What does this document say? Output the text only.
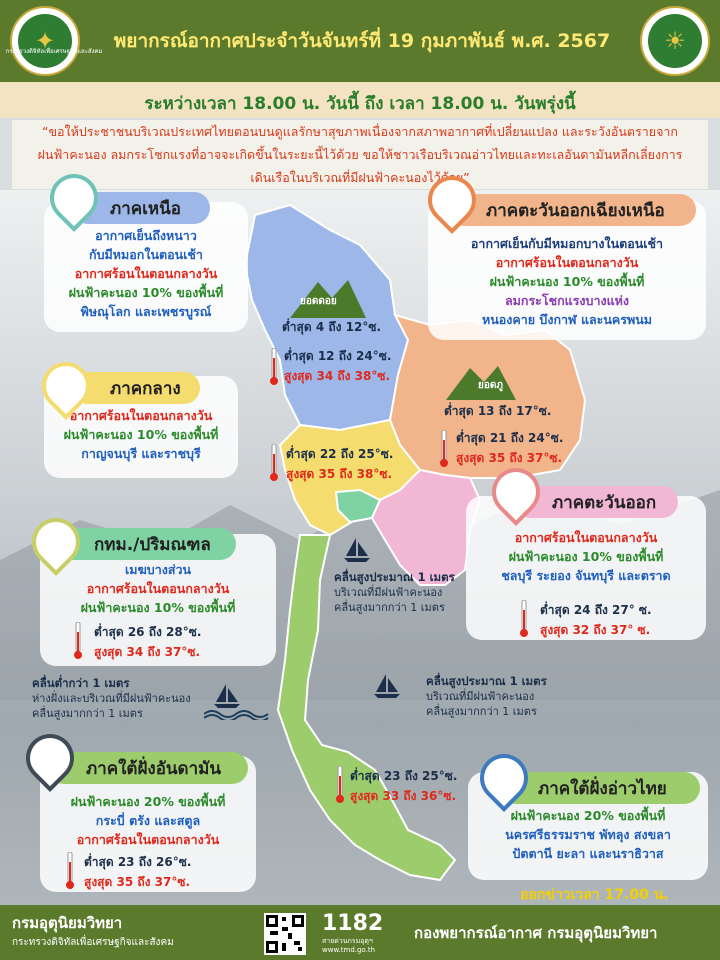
✦
กระทรวงดิจิทัลเพื่อเศรษฐกิจและสังคม	☀
พยากรณ์อากาศประจำวันจันทร์ที่ 19 กุมภาพันธ์ พ.ศ. 2567
ระหว่างเวลา 18.00 น. วันนี้ ถึง เวลา 18.00 น. วันพรุ่งนี้
“ขอให้ประชาชนบริเวณประเทศไทยตอนบนดูแลรักษาสุขภาพเนื่องจากสภาพอากาศที่เปลี่ยนแปลง และระวังอันตรายจาก
ฝนฟ้าคะนอง ลมกระโชกแรงที่อาจจะเกิดขึ้นในระยะนี้ไว้ด้วย ขอให้ชาวเรือบริเวณอ่าวไทยและทะเลอันดามันหลีกเลี่ยงการ
เดินเรือในบริเวณที่มีฝนฟ้าคะนองไว้ด้วย”
อากาศเย็นถึงหนาว
กับมีหมอกในตอนเช้า
อากาศร้อนในตอนกลางวัน
ฝนฟ้าคะนอง 10% ของพื้นที่
พิษณุโลก และเพชรบูรณ์
ภาคเหนือ
ยอดดอย
ต่ำสุด 4 ถึง 12°ซ.
ต่ำสุด 12 ถึง 24°ซ.
สูงสุด 34 ถึง 38°ซ.
อากาศเย็นกับมีหมอกบางในตอนเช้า
อากาศร้อนในตอนกลางวัน
ฝนฟ้าคะนอง 10% ของพื้นที่
ลมกระโชกแรงบางแห่ง
หนองคาย บึงกาฬ และนครพนม
ภาคตะวันออกเฉียงเหนือ
ยอดภู
ต่ำสุด 13 ถึง 17°ซ.
ต่ำสุด 21 ถึง 24°ซ.
สูงสุด 35 ถึง 37°ซ.
อากาศร้อนในตอนกลางวัน
ฝนฟ้าคะนอง 10% ของพื้นที่
กาญจนบุรี และราชบุรี
ภาคกลาง
ต่ำสุด 22 ถึง 25°ซ.
สูงสุด 35 ถึง 38°ซ.
อากาศร้อนในตอนกลางวัน
ฝนฟ้าคะนอง 10% ของพื้นที่
ชลบุรี ระยอง จันทบุรี และตราด
ภาคตะวันออก
ต่ำสุด 24 ถึง 27° ซ.
สูงสุด 32 ถึง 37° ซ.
เมฆบางส่วน
อากาศร้อนในตอนกลางวัน
ฝนฟ้าคะนอง 10% ของพื้นที่
กทม./ปริมณฑล
ต่ำสุด 26 ถึง 28°ซ.
สูงสุด 34 ถึง 37°ซ.
คลื่นสูงประมาณ 1 เมตร
บริเวณที่มีฝนฟ้าคะนอง
คลื่นสูงมากกว่า 1 เมตร
คลื่นต่ำกว่า 1 เมตร
ห่างฝั่งและบริเวณที่มีฝนฟ้าคะนอง
คลื่นสูงมากกว่า 1 เมตร
คลื่นสูงประมาณ 1 เมตร
บริเวณที่มีฝนฟ้าคะนอง
คลื่นสูงมากกว่า 1 เมตร
ฝนฟ้าคะนอง 20% ของพื้นที่
กระบี่ ตรัง และสตูล
อากาศร้อนในตอนกลางวัน
ภาคใต้ฝั่งอันดามัน
ต่ำสุด 23 ถึง 26°ซ.
สูงสุด 35 ถึง 37°ซ.
ฝนฟ้าคะนอง 20% ของพื้นที่
นครศรีธรรมราช พัทลุง สงขลา
ปัตตานี ยะลา และนราธิวาส
ภาคใต้ฝั่งอ่าวไทย
ต่ำสุด 23 ถึง 25°ซ.
สูงสุด 33 ถึง 36°ซ.
ออกข่าวเวลา 17.00 น.
กรมอุตุนิยมวิทยา
กระทรวงดิจิทัลเพื่อเศรษฐกิจและสังคม
1182
สายด่วนกรมอุตุฯ
www.tmd.go.th
กองพยากรณ์อากาศ กรมอุตุนิยมวิทยา
